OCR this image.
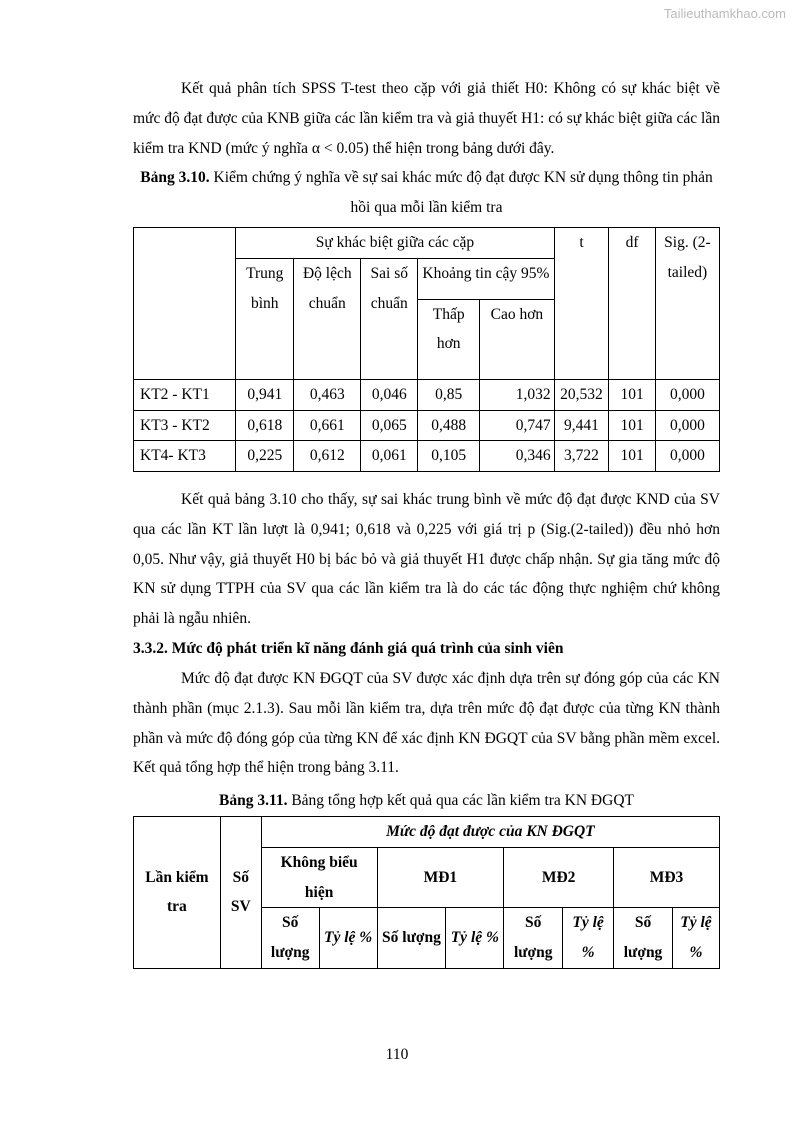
Tailieuthamkhao.com
Kết quả phân tích SPSS T-test theo cặp với giả thiết H0: Không có sự khác biệt về mức độ đạt được của KNB giữa các lần kiểm tra và giả thuyết H1: có sự khác biệt giữa các lần kiểm tra KND (mức ý nghĩa α < 0.05) thể hiện trong bảng dưới đây.
Bảng 3.10. Kiểm chứng ý nghĩa về sự sai khác mức độ đạt được KN sử dụng thông tin phản hồi qua mỗi lần kiểm tra
	Sự khác biệt giữa các cặp					t	df	Sig. (2-tailed)
	Trung bình	Độ lệch chuẩn	Sai số chuẩn	Khoảng tin cậy 95%				
				Thấp hơn	Cao hơn			
KT2 - KT1	0,941	0,463	0,046	0,85	1,032	20,532	101	0,000
KT3 - KT2	0,618	0,661	0,065	0,488	0,747	9,441	101	0,000
KT4- KT3	0,225	0,612	0,061	0,105	0,346	3,722	101	0,000
Kết quả bảng 3.10 cho thấy, sự sai khác trung bình về mức độ đạt được KND của SV qua các lần KT lần lượt là 0,941; 0,618 và 0,225 với giá trị p (Sig.(2-tailed)) đều nhỏ hơn 0,05. Như vậy, giả thuyết H0 bị bác bỏ và giả thuyết H1 được chấp nhận. Sự gia tăng mức độ KN sử dụng TTPH của SV qua các lần kiểm tra là do các tác động thực nghiệm chứ không phải là ngẫu nhiên.
3.3.2. Mức độ phát triển kĩ năng đánh giá quá trình của sinh viên
Mức độ đạt được KN ĐGQT của SV được xác định dựa trên sự đóng góp của các KN thành phần (mục 2.1.3). Sau mỗi lần kiểm tra, dựa trên mức độ đạt được của từng KN thành phần và mức độ đóng góp của từng KN để xác định KN ĐGQT của SV bằng phần mềm excel. Kết quả tổng hợp thể hiện trong bảng 3.11.
Bảng 3.11. Bảng tổng hợp kết quả qua các lần kiểm tra KN ĐGQT
Lần kiểm tra	Số SV	Mức độ đạt được của KN ĐGQT							
		Không biểu hiện		MĐ1		MĐ2		MĐ3	
		Số lượng	Tỷ lệ %	Số lượng	Tỷ lệ %	Số lượng	Tỷ lệ %	Số lượng	Tỷ lệ %
110
